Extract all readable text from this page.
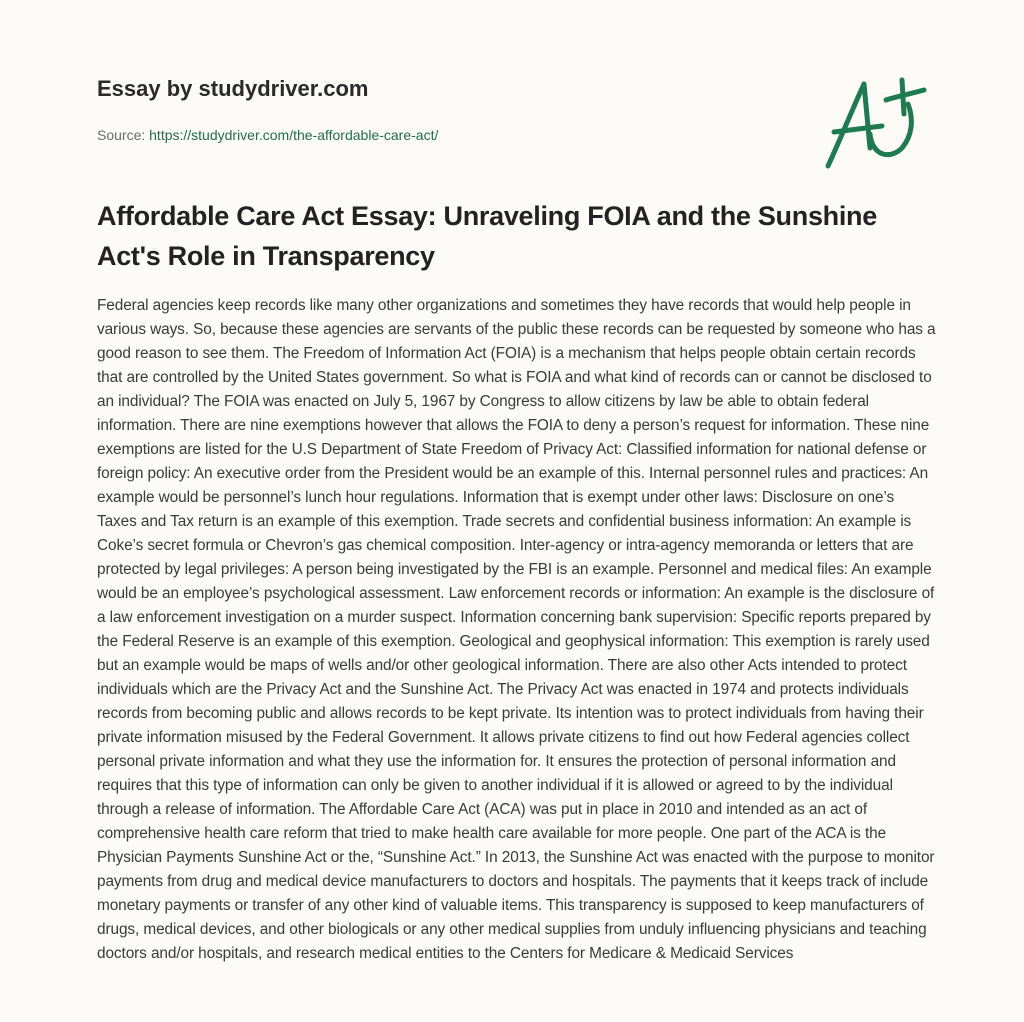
Essay by studydriver.com
Source: https://studydriver.com/the-affordable-care-act/
Affordable Care Act Essay: Unraveling FOIA and the Sunshine Act's Role in Transparency

Federal agencies keep records like many other organizations and sometimes they have records that would help people in various ways. So, because these agencies are servants of the public these records can be requested by someone who has a good reason to see them. The Freedom of Information Act (FOIA) is a mechanism that helps people obtain certain records that are controlled by the United States government. So what is FOIA and what kind of records can or cannot be disclosed to an individual? The FOIA was enacted on July 5, 1967 by Congress to allow citizens by law be able to obtain federal information. There are nine exemptions however that allows the FOIA to deny a person’s request for information. These nine exemptions are listed for the U.S Department of State Freedom of Privacy Act: Classified information for national defense or foreign policy: An executive order from the President would be an example of this. Internal personnel rules and practices: An example would be personnel’s lunch hour regulations. Information that is exempt under other laws: Disclosure on one’s Taxes and Tax return is an example of this exemption. Trade secrets and confidential business information: An example is Coke’s secret formula or Chevron’s gas chemical composition. Inter-agency or intra-agency memoranda or letters that are protected by legal privileges: A person being investigated by the FBI is an example. Personnel and medical files: An example would be an employee’s psychological assessment. Law enforcement records or information: An example is the disclosure of a law enforcement investigation on a murder suspect. Information concerning bank supervision: Specific reports prepared by the Federal Reserve is an example of this exemption. Geological and geophysical information: This exemption is rarely used but an example would be maps of wells and/or other geological information. There are also other Acts intended to protect individuals which are the Privacy Act and the Sunshine Act. The Privacy Act was enacted in 1974 and protects individuals records from becoming public and allows records to be kept private. Its intention was to protect individuals from having their private information misused by the Federal Government. It allows private citizens to find out how Federal agencies collect personal private information and what they use the information for. It ensures the protection of personal information and requires that this type of information can only be given to another individual if it is allowed or agreed to by the individual through a release of information. The Affordable Care Act (ACA) was put in place in 2010 and intended as an act of comprehensive health care reform that tried to make health care available for more people. One part of the ACA is the Physician Payments Sunshine Act or the, “Sunshine Act.” In 2013, the Sunshine Act was enacted with the purpose to monitor payments from drug and medical device manufacturers to doctors and hospitals. The payments that it keeps track of include monetary payments or transfer of any other kind of valuable items. This transparency is supposed to keep manufacturers of drugs, medical devices, and other biologicals or any other medical supplies from unduly influencing physicians and teaching doctors and/or hospitals, and research medical entities to the Centers for Medicare & Medicaid Services
